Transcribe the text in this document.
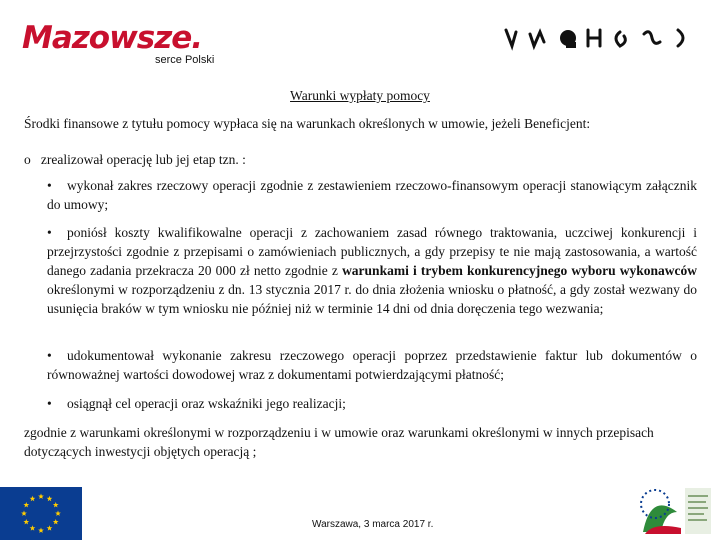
Mazowsze.
serce Polski
Warunki wypłaty pomocy
Środki finansowe z tytułu pomocy wypłaca się na warunkach określonych w umowie, jeżeli Beneficjent:
o zrealizował operację lub jej etap tzn. :
• wykonał zakres rzeczowy operacji zgodnie z zestawieniem rzeczowo-finansowym operacji stanowiącym załącznik do umowy;
• poniósł koszty kwalifikowalne operacji z zachowaniem zasad równego traktowania, uczciwej konkurencji i przejrzystości zgodnie z przepisami o zamówieniach publicznych, a gdy przepisy te nie mają zastosowania, a wartość danego zadania przekracza 20 000 zł netto zgodnie z warunkami i trybem konkurencyjnego wyboru wykonawców określonymi w rozporządzeniu z dn. 13 stycznia 2017 r. do dnia złożenia wniosku o płatność, a gdy został wezwany do usunięcia braków w tym wniosku nie później niż w terminie 14 dni od dnia doręczenia tego wezwania;
• udokumentował wykonanie zakresu rzeczowego operacji poprzez przedstawienie faktur lub dokumentów o równoważnej wartości dowodowej wraz z dokumentami potwierdzającymi płatność;
• osiągnął cel operacji oraz wskaźniki jego realizacji;
zgodnie z warunkami określonymi w rozporządzeniu i w umowie oraz warunkami określonymi w innych przepisach dotyczących inwestycji objętych operacją ;
Warszawa, 3 marca 2017 r.
